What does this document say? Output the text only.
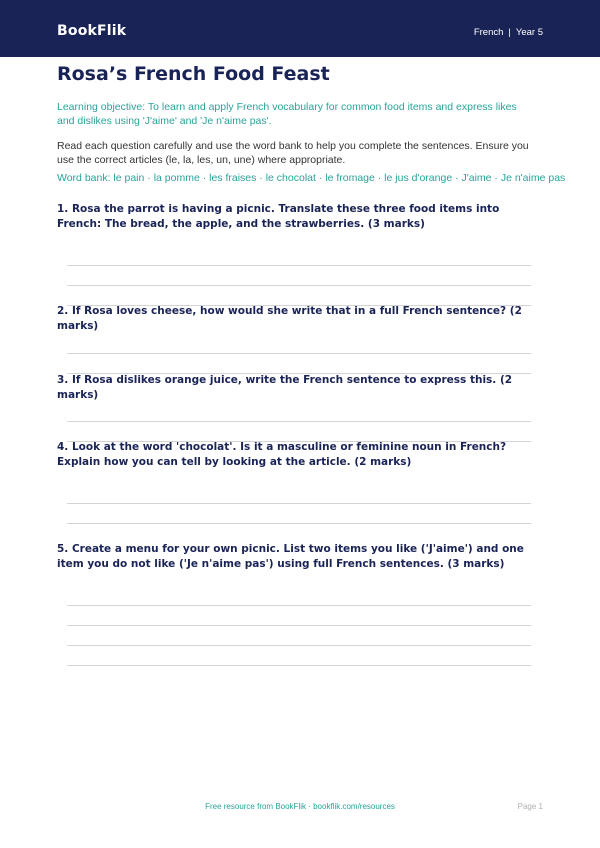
BookFlik	French | Year 5
Rosa’s French Food Feast
Learning objective: To learn and apply French vocabulary for common food items and express likes and dislikes using 'J'aime' and 'Je n'aime pas'.
Read each question carefully and use the word bank to help you complete the sentences. Ensure you use the correct articles (le, la, les, un, une) where appropriate.
Word bank: le pain · la pomme · les fraises · le chocolat · le fromage · le jus d'orange · J'aime · Je n'aime pas
1. Rosa the parrot is having a picnic. Translate these three food items into French: The bread, the apple, and the strawberries. (3 marks)
2. If Rosa loves cheese, how would she write that in a full French sentence? (2 marks)
3. If Rosa dislikes orange juice, write the French sentence to express this. (2 marks)
4. Look at the word 'chocolat'. Is it a masculine or feminine noun in French? Explain how you can tell by looking at the article. (2 marks)
5. Create a menu for your own picnic. List two items you like ('J'aime') and one item you do not like ('Je n'aime pas') using full French sentences. (3 marks)
Free resource from BookFlik · bookflik.com/resources	Page 1
